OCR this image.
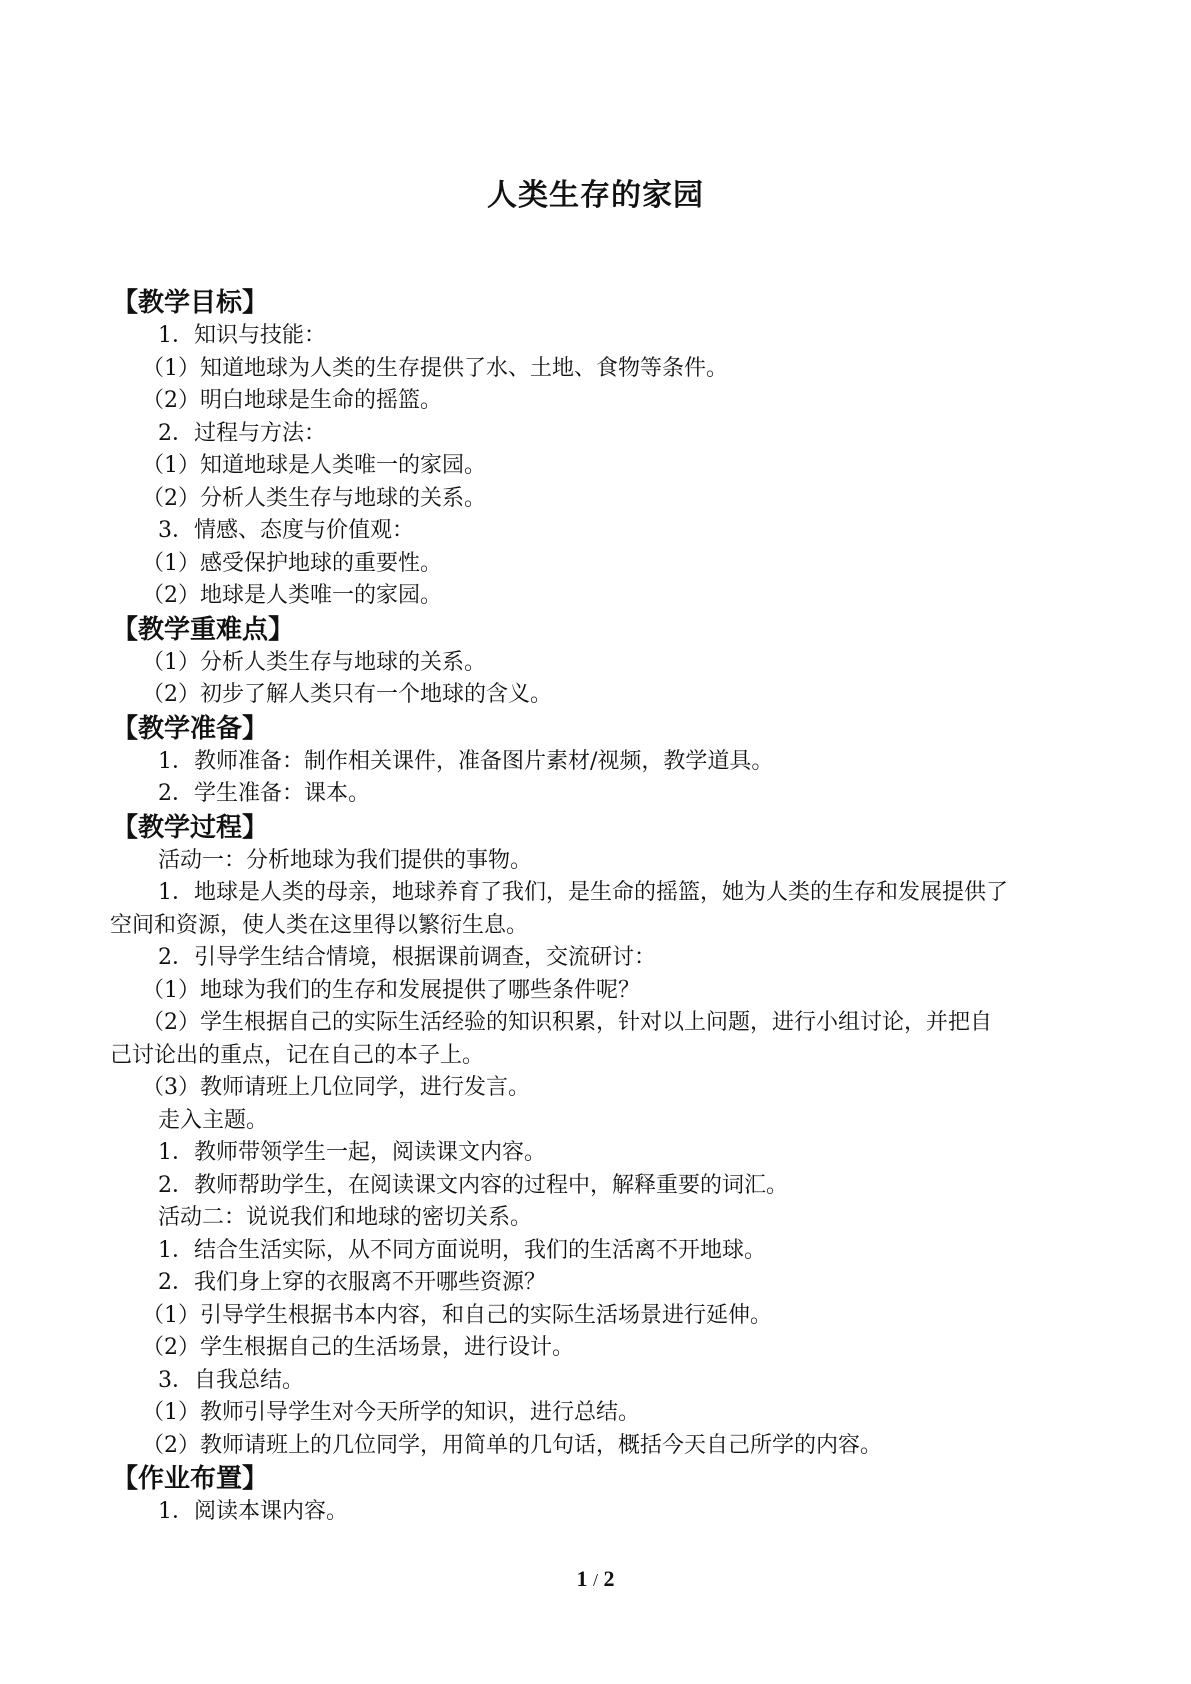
人类生存的家园
【教学目标】
1．知识与技能：
（1）知道地球为人类的生存提供了水、土地、食物等条件。
（2）明白地球是生命的摇篮。
2．过程与方法：
（1）知道地球是人类唯一的家园。
（2）分析人类生存与地球的关系。
3．情感、态度与价值观：
（1）感受保护地球的重要性。
（2）地球是人类唯一的家园。
【教学重难点】
（1）分析人类生存与地球的关系。
（2）初步了解人类只有一个地球的含义。
【教学准备】
1．教师准备：制作相关课件，准备图片素材/视频，教学道具。
2．学生准备：课本。
【教学过程】
活动一：分析地球为我们提供的事物。
1．地球是人类的母亲，地球养育了我们，是生命的摇篮，她为人类的生存和发展提供了
空间和资源，使人类在这里得以繁衍生息。
2．引导学生结合情境，根据课前调查，交流研讨：
（1）地球为我们的生存和发展提供了哪些条件呢？
（2）学生根据自己的实际生活经验的知识积累，针对以上问题，进行小组讨论，并把自
己讨论出的重点，记在自己的本子上。
（3）教师请班上几位同学，进行发言。
走入主题。
1．教师带领学生一起，阅读课文内容。
2．教师帮助学生，在阅读课文内容的过程中，解释重要的词汇。
活动二：说说我们和地球的密切关系。
1．结合生活实际，从不同方面说明，我们的生活离不开地球。
2．我们身上穿的衣服离不开哪些资源？
（1）引导学生根据书本内容，和自己的实际生活场景进行延伸。
（2）学生根据自己的生活场景，进行设计。
3．自我总结。
（1）教师引导学生对今天所学的知识，进行总结。
（2）教师请班上的几位同学，用简单的几句话，概括今天自己所学的内容。
【作业布置】
1．阅读本课内容。
1 / 2
